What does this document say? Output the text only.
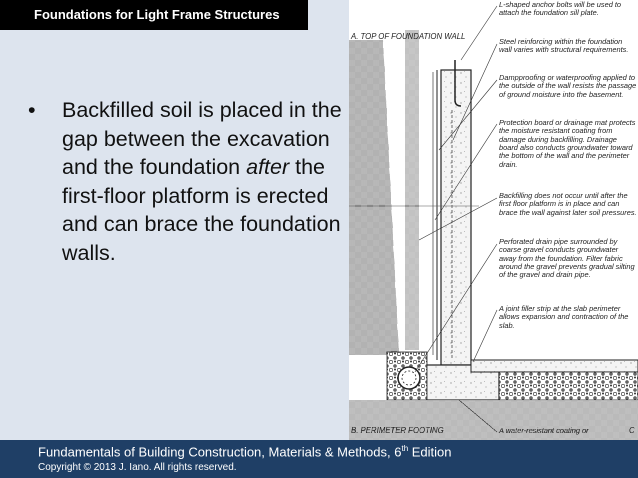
Foundations for Light Frame Structures
•	Backfilled soil is placed in the gap between the excavation and the foundation after the first-floor platform is erected and can brace the foundation walls.
A. TOP OF FOUNDATION WALL
B. PERIMETER FOOTING
L-shaped anchor bolts will be used to attach the foundation sill plate.
Steel reinforcing within the foundation wall varies with structural requirements.
Dampproofing or waterproofing applied to the outside of the wall resists the passage of ground moisture into the basement.
Protection board or drainage mat protects the moisture resistant coating from damage during backfilling. Drainage board also conducts groundwater toward the bottom of the wall and the perimeter drain.
Backfilling does not occur until after the first floor platform is in place and can brace the wall against later soil pressures.
Perforated drain pipe surrounded by coarse gravel conducts groundwater away from the foundation. Filter fabric around the gravel prevents gradual silting of the gravel and drain pipe.
A joint filler strip at the slab perimeter allows expansion and contraction of the slab.
A water-resistant coating or	C
Fundamentals of Building Construction, Materials & Methods, 6th Edition
Copyright © 2013 J. Iano. All rights reserved.
